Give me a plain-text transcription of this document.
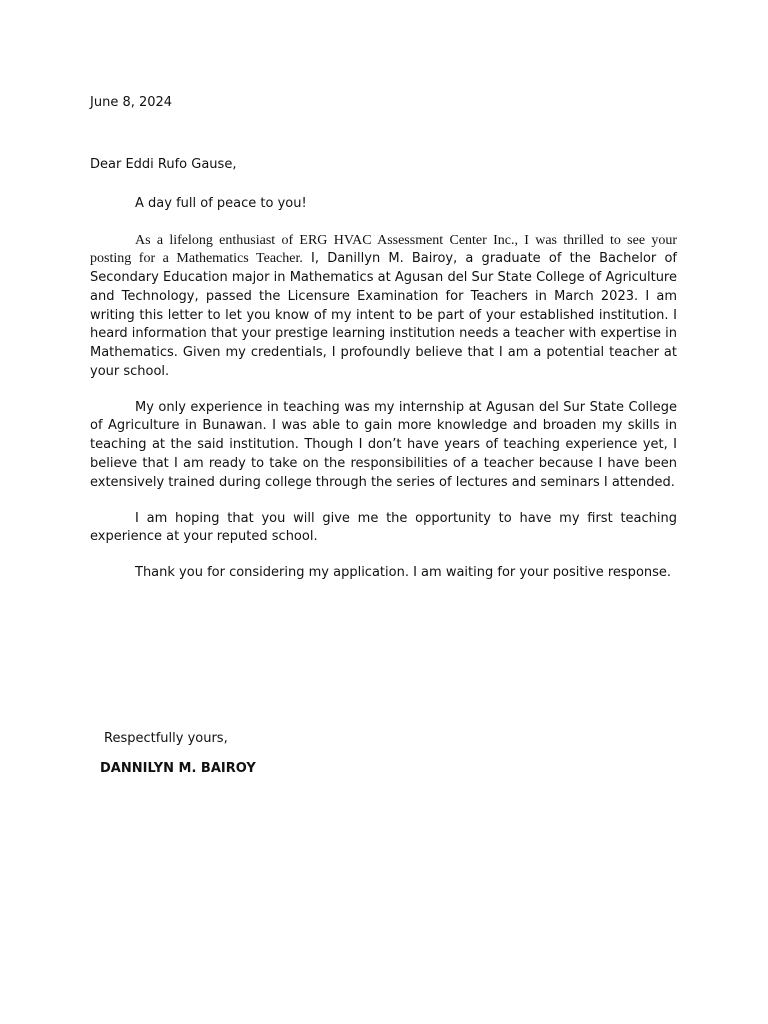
June 8, 2024
Dear Eddi Rufo Gause,

A day full of peace to you!

As a lifelong enthusiast of ERG HVAC Assessment Center Inc., I was thrilled to see your posting for a Mathematics Teacher. I, Danillyn M. Bairoy, a graduate of the Bachelor of Secondary Education major in Mathematics at Agusan del Sur State College of Agriculture and Technology, passed the Licensure Examination for Teachers in March 2023. I am writing this letter to let you know of my intent to be part of your established institution. I heard information that your prestige learning institution needs a teacher with expertise in Mathematics. Given my credentials, I profoundly believe that I am a potential teacher at your school.

My only experience in teaching was my internship at Agusan del Sur State College of Agriculture in Bunawan. I was able to gain more knowledge and broaden my skills in teaching at the said institution. Though I don’t have years of teaching experience yet, I believe that I am ready to take on the responsibilities of a teacher because I have been extensively trained during college through the series of lectures and seminars I attended.

I am hoping that you will give me the opportunity to have my first teaching experience at your reputed school.

Thank you for considering my application. I am waiting for your positive response.

Respectfully yours,
DANNILYN M. BAIROY
